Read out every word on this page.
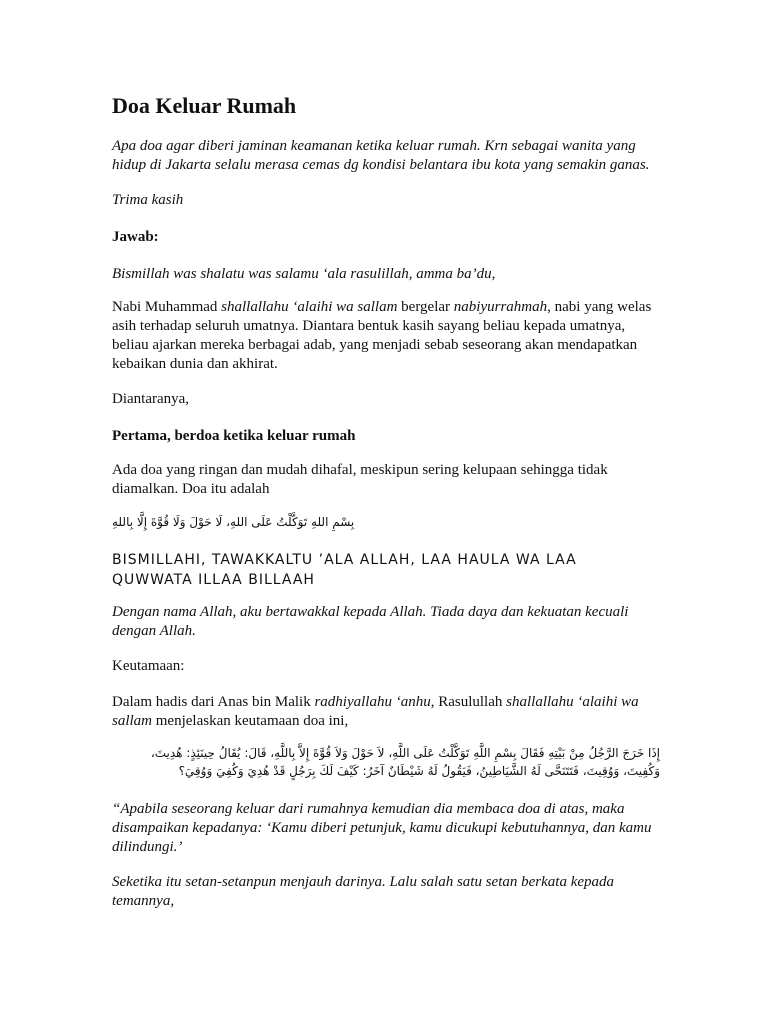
Doa Keluar Rumah

Apa doa agar diberi jaminan keamanan ketika keluar rumah. Krn sebagai wanita yang hidup di Jakarta selalu merasa cemas dg kondisi belantara ibu kota yang semakin ganas.

Trima kasih

Jawab:

Bismillah was shalatu was salamu ‘ala rasulillah, amma ba’du,

Nabi Muhammad shallallahu ‘alaihi wa sallam bergelar nabiyurrahmah, nabi yang welas asih terhadap seluruh umatnya. Diantara bentuk kasih sayang beliau kepada umatnya, beliau ajarkan mereka berbagai adab, yang menjadi sebab seseorang akan mendapatkan kebaikan dunia dan akhirat.

Diantaranya,

Pertama, berdoa ketika keluar rumah

Ada doa yang ringan dan mudah dihafal, meskipun sering kelupaan sehingga tidak diamalkan. Doa itu adalah

بِسْمِ اللهِ تَوَكَّلْتُ عَلَى اللهِ، لَا حَوْلَ وَلَا قُوَّةَ إِلَّا بِاللهِ

BISMILLAHI, TAWAKKALTU ’ALA ALLAH, LAA HAULA WA LAA QUWWATA ILLAA BILLAAH

Dengan nama Allah, aku bertawakkal kepada Allah. Tiada daya dan kekuatan kecuali dengan Allah.

Keutamaan:

Dalam hadis dari Anas bin Malik radhiyallahu ‘anhu, Rasulullah shallallahu ‘alaihi wa sallam menjelaskan keutamaan doa ini,

إِذَا خَرَجَ الرَّجُلُ مِنْ بَيْتِهِ فَقَالَ بِسْمِ اللَّهِ تَوَكَّلْتُ عَلَى اللَّهِ، لاَ حَوْلَ وَلاَ قُوَّةَ إِلاَّ بِاللَّهِ، قَالَ: يُقَالُ حِينَئِذٍ: هُدِيتَ، وَكُفِيتَ، وَوُقِيتَ، فَتَتَنَحَّى لَهُ الشَّيَاطِينُ، فَيَقُولُ لَهُ شَيْطَانٌ آخَرُ: كَيْفَ لَكَ بِرَجُلٍ قَدْ هُدِيَ وَكُفِيَ وَوُقِيَ؟

“Apabila seseorang keluar dari rumahnya kemudian dia membaca doa di atas, maka disampaikan kepadanya: ‘Kamu diberi petunjuk, kamu dicukupi kebutuhannya, dan kamu dilindungi.’

Seketika itu setan-setanpun menjauh darinya. Lalu salah satu setan berkata kepada temannya,
